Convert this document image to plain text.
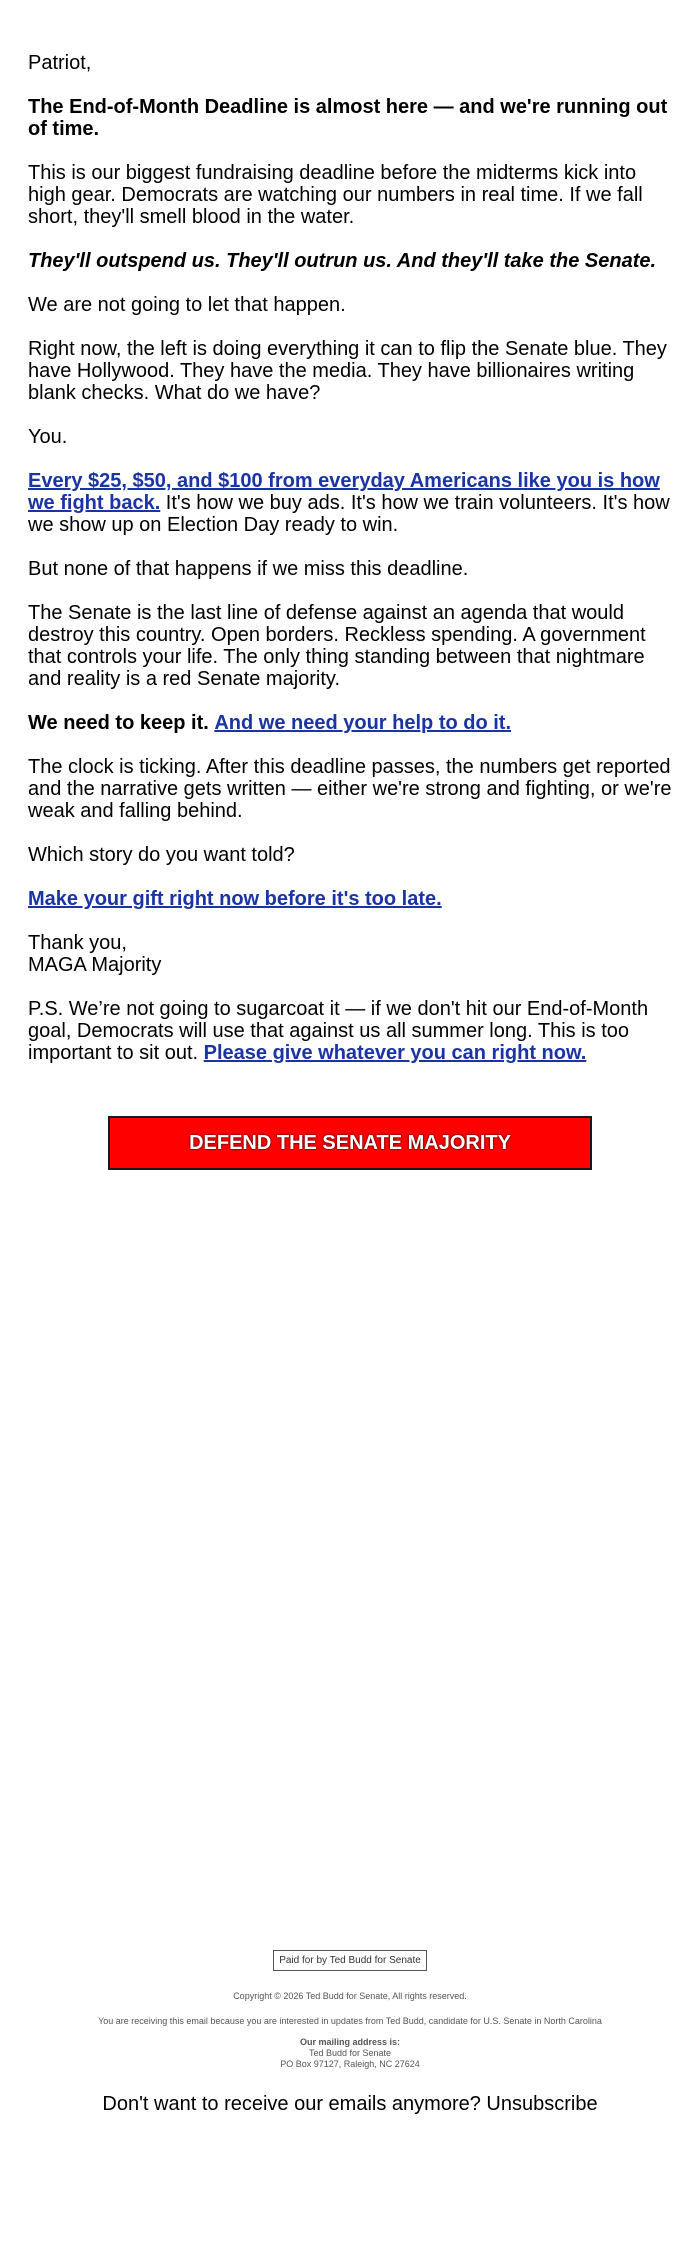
Patriot,

The End-of-Month Deadline is almost here — and we're running out of time.

This is our biggest fundraising deadline before the midterms kick into high gear. Democrats are watching our numbers in real time. If we fall short, they'll smell blood in the water.

They'll outspend us. They'll outrun us. And they'll take the Senate.

We are not going to let that happen.

Right now, the left is doing everything it can to flip the Senate blue. They have Hollywood. They have the media. They have billionaires writing blank checks. What do we have?

You.

Every $25, $50, and $100 from everyday Americans like you is how we fight back. It's how we buy ads. It's how we train volunteers. It's how we show up on Election Day ready to win.

But none of that happens if we miss this deadline.

The Senate is the last line of defense against an agenda that would destroy this country. Open borders. Reckless spending. A government that controls your life. The only thing standing between that nightmare and reality is a red Senate majority.

We need to keep it. And we need your help to do it.

The clock is ticking. After this deadline passes, the numbers get reported and the narrative gets written — either we're strong and fighting, or we're weak and falling behind.

Which story do you want told?

Make your gift right now before it's too late.

Thank you,
MAGA Majority

P.S. We’re not going to sugarcoat it — if we don't hit our End-of-Month goal, Democrats will use that against us all summer long. This is too important to sit out. Please give whatever you can right now.

DEFEND THE SENATE MAJORITY
Paid for by Ted Budd for Senate

Copyright © 2026 Ted Budd for Senate, All rights reserved.

You are receiving this email because you are interested in updates from Ted Budd, candidate for U.S. Senate in North Carolina

Our mailing address is:
Ted Budd for Senate
PO Box 97127, Raleigh, NC 27624
Don't want to receive our emails anymore? Unsubscribe
